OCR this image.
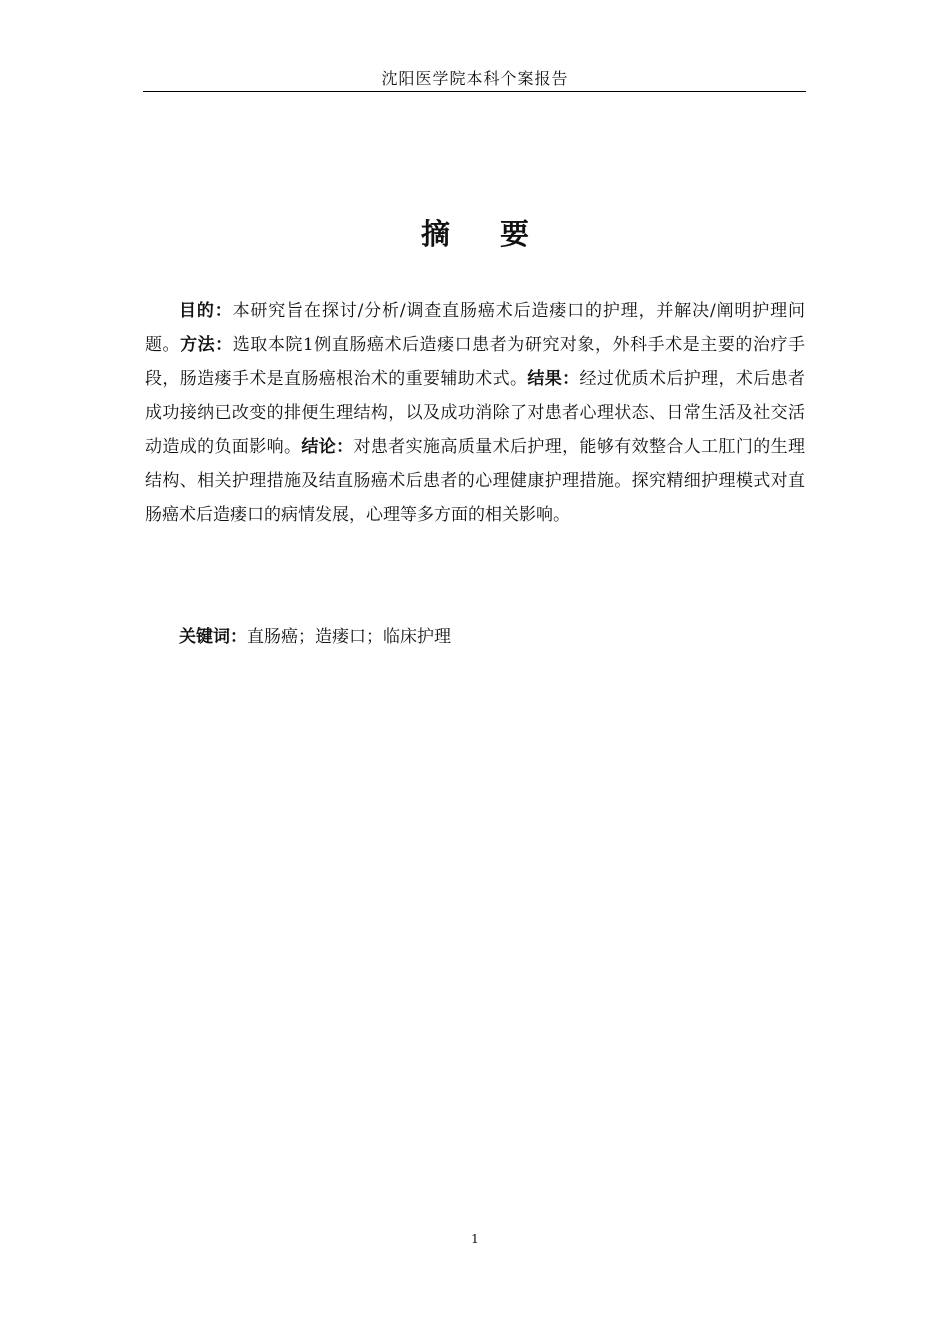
沈阳医学院本科个案报告
摘 要

目的：本研究旨在探讨/分析/调查直肠癌术后造瘘口的护理，并解决/阐明护理问题。方法：选取本院1例直肠癌术后造瘘口患者为研究对象，外科手术是主要的治疗手段，肠造瘘手术是直肠癌根治术的重要辅助术式。结果：经过优质术后护理，术后患者成功接纳已改变的排便生理结构，以及成功消除了对患者心理状态、日常生活及社交活动造成的负面影响。结论：对患者实施高质量术后护理，能够有效整合人工肛门的生理结构、相关护理措施及结直肠癌术后患者的心理健康护理措施。探究精细护理模式对直肠癌术后造瘘口的病情发展，心理等多方面的相关影响。

关键词：直肠癌；造瘘口；临床护理

1
